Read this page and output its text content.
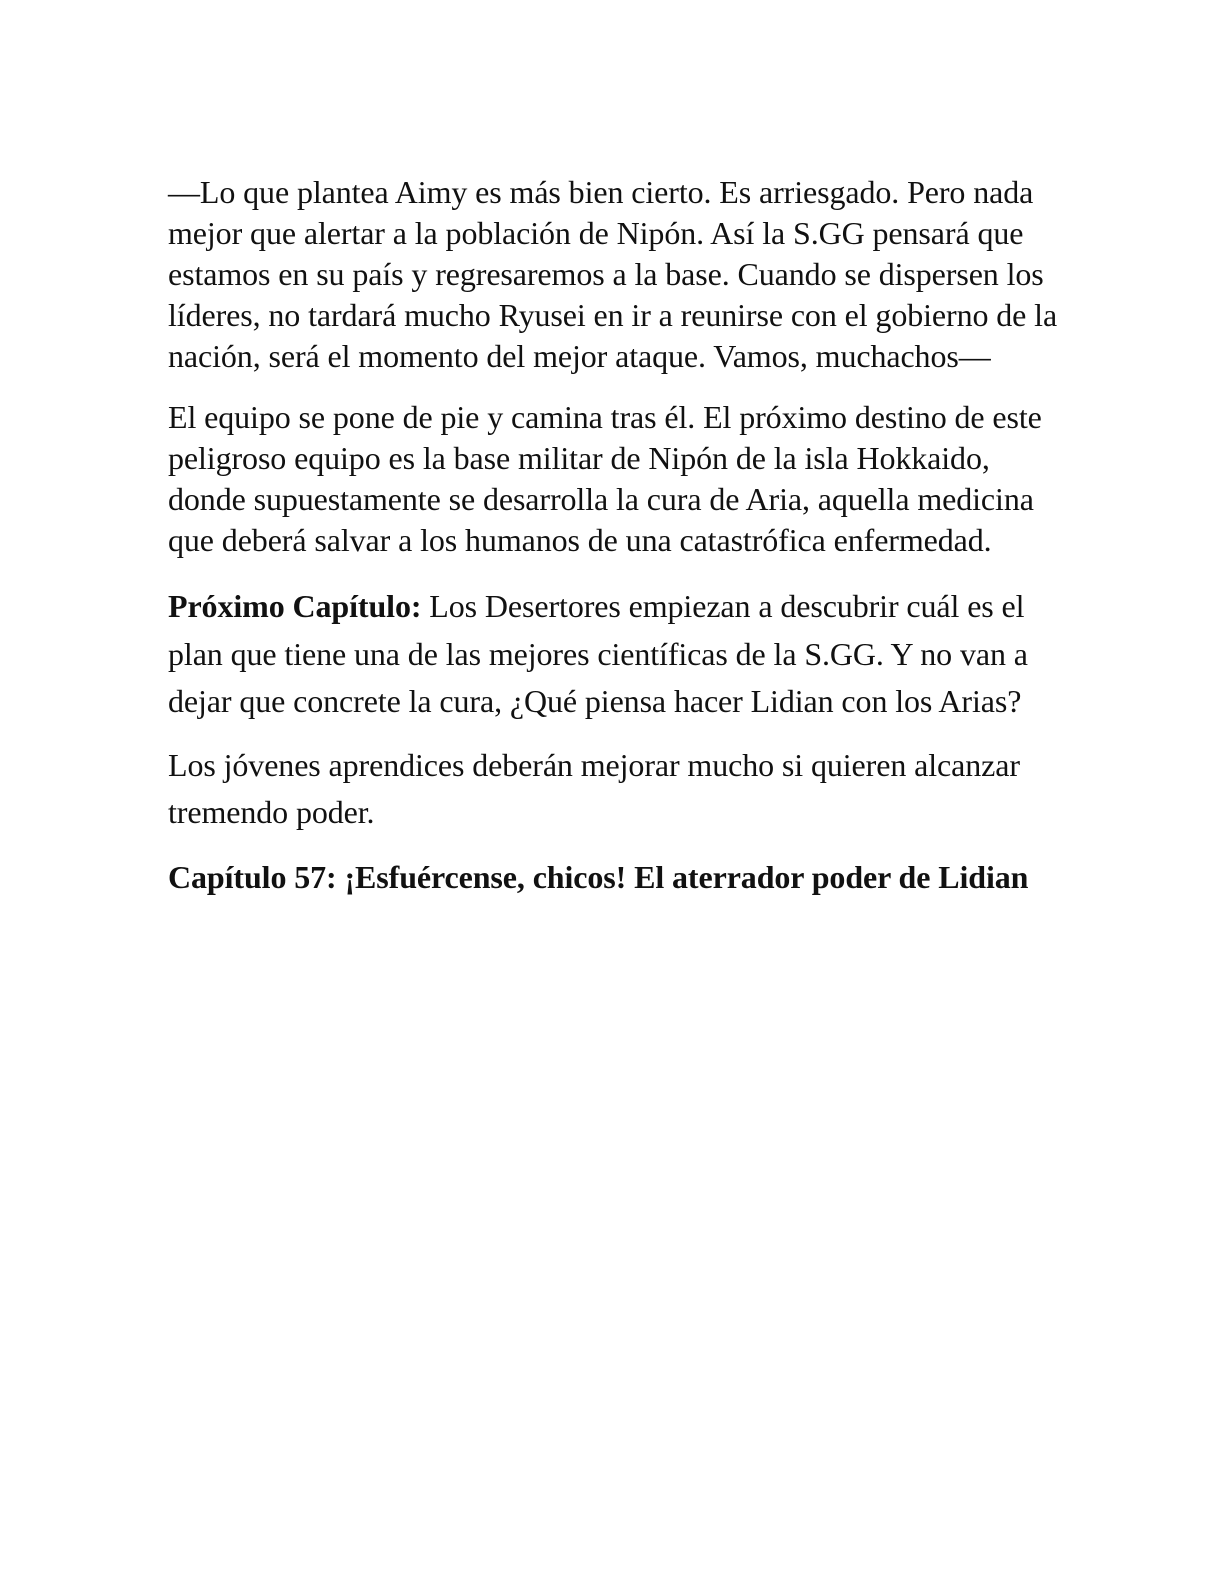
—Lo que plantea Aimy es más bien cierto. Es arriesgado. Pero nada mejor que alertar a la población de Nipón. Así la S.GG pensará que estamos en su país y regresaremos a la base. Cuando se dispersen los líderes, no tardará mucho Ryusei en ir a reunirse con el gobierno de la nación, será el momento del mejor ataque. Vamos, muchachos—

El equipo se pone de pie y camina tras él. El próximo destino de este peligroso equipo es la base militar de Nipón de la isla Hokkaido, donde supuestamente se desarrolla la cura de Aria, aquella medicina que deberá salvar a los humanos de una catastrófica enfermedad.

Próximo Capítulo: Los Desertores empiezan a descubrir cuál es el plan que tiene una de las mejores científicas de la S.GG. Y no van a dejar que concrete la cura, ¿Qué piensa hacer Lidian con los Arias?

Los jóvenes aprendices deberán mejorar mucho si quieren alcanzar tremendo poder.

Capítulo 57: ¡Esfuércense, chicos! El aterrador poder de Lidian
